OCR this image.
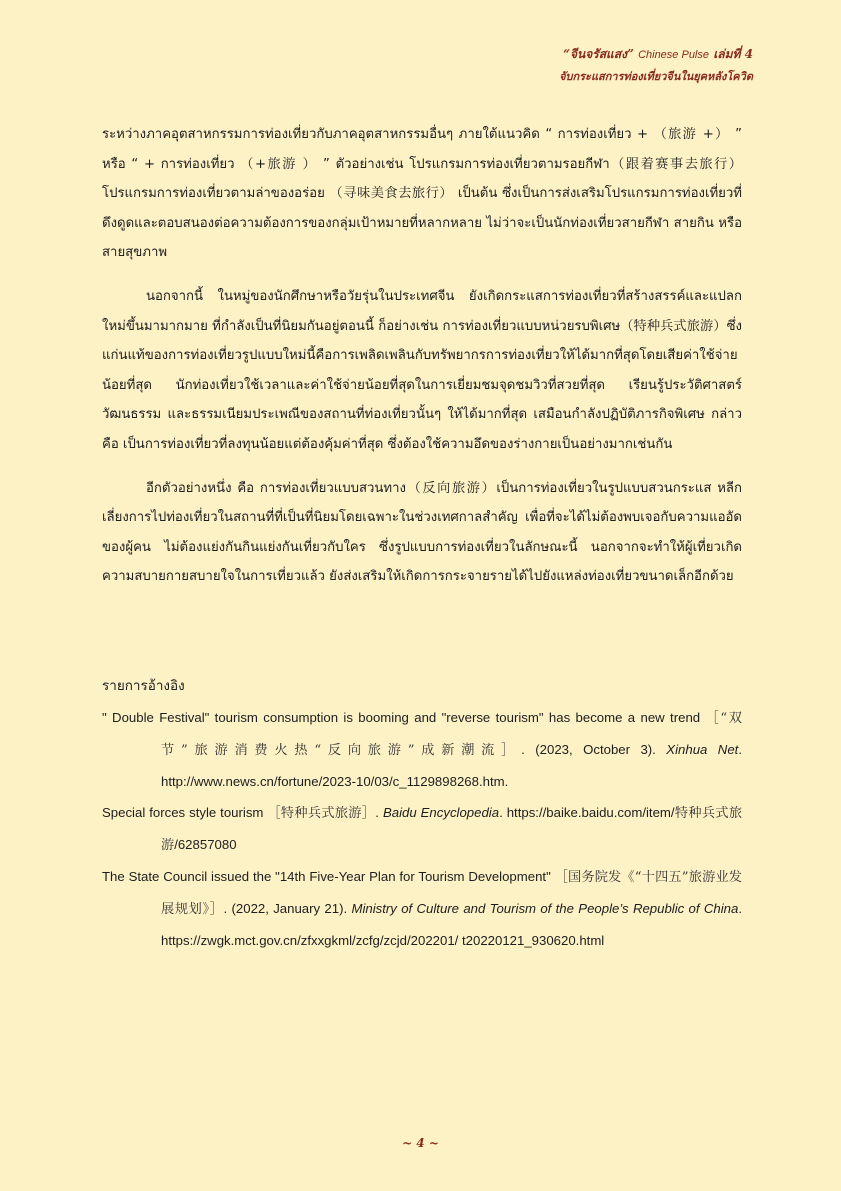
“จีนจรัสแสง” Chinese Pulse เล่มที่ 4
จับกระแสการท่องเที่ยวจีนในยุคหลังโควิด

ระหว่างภาคอุตสาหกรรมการท่องเที่ยวกับภาคอุตสาหกรรมอื่นๆ ภายใต้แนวคิด “ การท่องเที่ยว + （旅游 +） ” หรือ “ + การท่องเที่ยว （+旅游 ） ” ตัวอย่างเช่น โปรแกรมการท่องเที่ยวตามรอยกีฬา（跟着赛事去旅行）โปรแกรมการท่องเที่ยวตามล่าของอร่อย （寻味美食去旅行） เป็นต้น ซึ่งเป็นการส่งเสริมโปรแกรมการท่องเที่ยวที่ดึงดูดและตอบสนองต่อความต้องการของกลุ่มเป้าหมายที่หลากหลาย ไม่ว่าจะเป็นนักท่องเที่ยวสายกีฬา สายกิน หรือสายสุขภาพ

นอกจากนี้ ในหมู่ของนักศึกษาหรือวัยรุ่นในประเทศจีน ยังเกิดกระแสการท่องเที่ยวที่สร้างสรรค์และแปลกใหม่ขึ้นมามากมาย ที่กำลังเป็นที่นิยมกันอยู่ตอนนี้ ก็อย่างเช่น การท่องเที่ยวแบบหน่วยรบพิเศษ（特种兵式旅游）ซึ่งแก่นแท้ของการท่องเที่ยวรูปแบบใหม่นี้คือการเพลิดเพลินกับทรัพยากรการท่องเที่ยวให้ได้มากที่สุดโดยเสียค่าใช้จ่ายน้อยที่สุด นักท่องเที่ยวใช้เวลาและค่าใช้จ่ายน้อยที่สุดในการเยี่ยมชมจุดชมวิวที่สวยที่สุด เรียนรู้ประวัติศาสตร์ วัฒนธรรม และธรรมเนียมประเพณีของสถานที่ท่องเที่ยวนั้นๆ ให้ได้มากที่สุด เสมือนกำลังปฏิบัติภารกิจพิเศษ กล่าวคือ เป็นการท่องเที่ยวที่ลงทุนน้อยแต่ต้องคุ้มค่าที่สุด ซึ่งต้องใช้ความอึดของร่างกายเป็นอย่างมากเช่นกัน

อีกตัวอย่างหนึ่ง คือ การท่องเที่ยวแบบสวนทาง（反向旅游）เป็นการท่องเที่ยวในรูปแบบสวนกระแส หลีกเลี่ยงการไปท่องเที่ยวในสถานที่ที่เป็นที่นิยมโดยเฉพาะในช่วงเทศกาลสำคัญ เพื่อที่จะได้ไม่ต้องพบเจอกับความแออัดของผู้คน ไม่ต้องแย่งกันกินแย่งกันเที่ยวกับใคร ซึ่งรูปแบบการท่องเที่ยวในลักษณะนี้ นอกจากจะทำให้ผู้เที่ยวเกิดความสบายกายสบายใจในการเที่ยวแล้ว ยังส่งเสริมให้เกิดการกระจายรายได้ไปยังแหล่งท่องเที่ยวขนาดเล็กอีกด้วย

รายการอ้างอิง

" Double Festival" tourism consumption is booming and "reverse tourism" has become a new trend ［“双节”旅游消费火热“反向旅游”成新潮流］. (2023, October 3). Xinhua Net. http://www.news.cn/fortune/2023-10/03/c_1129898268.htm.

Special forces style tourism ［特种兵式旅游］. Baidu Encyclopedia. https://baike.baidu.com/item/特种兵式旅游/62857080

The State Council issued the "14th Five-Year Plan for Tourism Development" ［国务院发《“十四五”旅游业发展规划》］. (2022, January 21). Ministry of Culture and Tourism of the People’s Republic of China. https://zwgk.mct.gov.cn/zfxxgkml/zcfg/zcjd/202201/ t20220121_930620.html

~ 4 ~
